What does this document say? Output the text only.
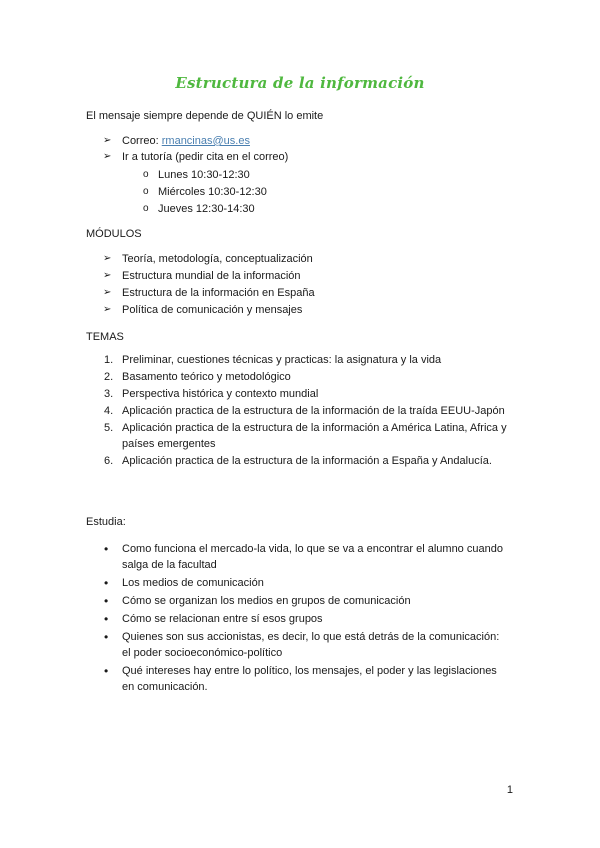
Estructura de la información
El mensaje siempre depende de QUIÉN lo emite
➢ Correo: rmancinas@us.es
➢ Ir a tutoría (pedir cita en el correo)
o Lunes 10:30-12:30
o Miércoles 10:30-12:30
o Jueves 12:30-14:30
MÓDULOS
➢ Teoría, metodología, conceptualización
➢ Estructura mundial de la información
➢ Estructura de la información en España
➢ Política de comunicación y mensajes
TEMAS
1. Preliminar, cuestiones técnicas y practicas: la asignatura y la vida
2. Basamento teórico y metodológico
3. Perspectiva histórica y contexto mundial
4. Aplicación practica de la estructura de la información de la traída EEUU-Japón
5. Aplicación practica de la estructura de la información a América Latina, Africa y países emergentes
6. Aplicación practica de la estructura de la información a España y Andalucía.
Estudia:
• Como funciona el mercado-la vida, lo que se va a encontrar el alumno cuando salga de la facultad
• Los medios de comunicación
• Cómo se organizan los medios en grupos de comunicación
• Cómo se relacionan entre sí esos grupos
• Quienes son sus accionistas, es decir, lo que está detrás de la comunicación: el poder socioeconómico-político
• Qué intereses hay entre lo político, los mensajes, el poder y las legislaciones en comunicación.
1
